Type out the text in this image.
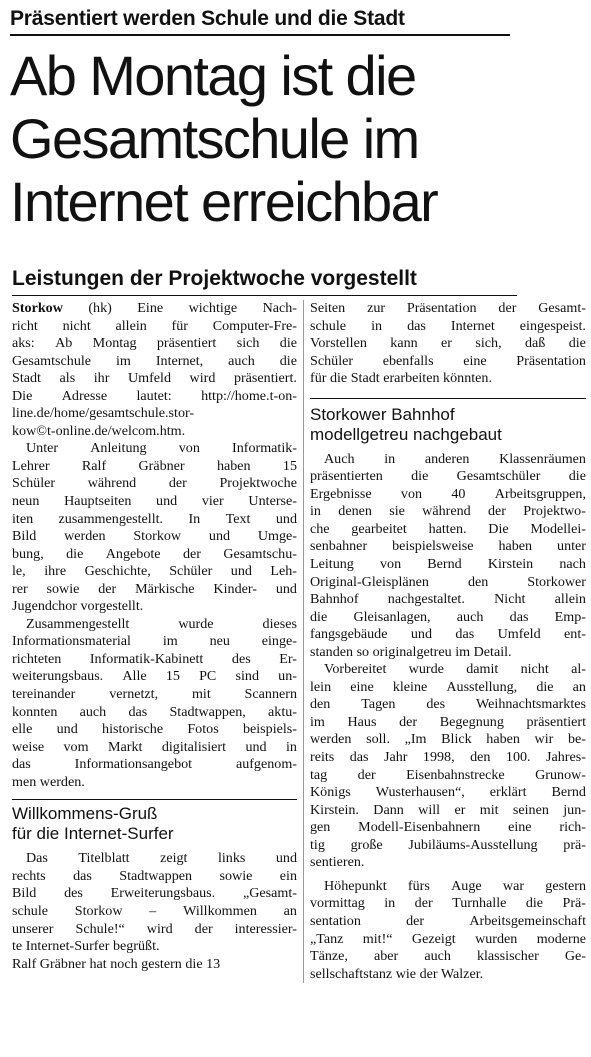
Präsentiert werden Schule und die Stadt
Ab Montag ist die
Gesamtschule im
Internet erreichbar
Leistungen der Projektwoche vorgestellt
Storkow (hk) Eine wichtige Nach-
richt nicht allein für Computer-Fre-
aks: Ab Montag präsentiert sich die
Gesamtschule im Internet, auch die
Stadt als ihr Umfeld wird präsentiert.
Die Adresse lautet: http://home.t-on-
line.de/home/gesamtschule.stor-
kow©t-online.de/welcom.htm.
Unter Anleitung von Informatik-
Lehrer Ralf Gräbner haben 15
Schüler während der Projektwoche
neun Hauptseiten und vier Unterse-
iten zusammengestellt. In Text und
Bild werden Storkow und Umge-
bung, die Angebote der Gesamtschu-
le, ihre Geschichte, Schüler und Leh-
rer sowie der Märkische Kinder- und
Jugendchor vorgestellt.
Zusammengestellt	wurde	dieses
Informationsmaterial im neu einge-
richteten Informatik-Kabinett des Er-
weiterungsbaus. Alle 15 PC sind un-
tereinander vernetzt, mit Scannern
konnten auch das Stadtwappen, aktu-
elle und historische Fotos beispiels-
weise vom Markt digitalisiert und in
das	Informationsangebot	aufgenom-
men werden.
Willkommens-Gruß
für die Internet-Surfer
Das Titelblatt zeigt links und
rechts das Stadtwappen sowie ein
Bild des Erweiterungsbaus. „Gesamt-
schule Storkow – Willkommen an
unserer Schule!“ wird der interessier-
te Internet-Surfer begrüßt.
Ralf Gräbner hat noch gestern die 13
Seiten zur Präsentation der Gesamt-
schule in das Internet eingespeist.
Vorstellen kann er sich, daß die
Schüler ebenfalls eine Präsentation
für die Stadt erarbeiten könnten.
Storkower Bahnhof
modellgetreu nachgebaut
Auch in anderen Klassenräumen
präsentierten die Gesamtschüler die
Ergebnisse von 40 Arbeitsgruppen,
in denen sie während der Projektwo-
che gearbeitet hatten. Die Modellei-
senbahner beispielsweise haben unter
Leitung von Bernd Kirstein nach
Original-Gleisplänen	den	Storkower
Bahnhof nachgestaltet. Nicht allein
die Gleisanlagen, auch das Emp-
fangsgebäude und das Umfeld ent-
standen so originalgetreu im Detail.
Vorbereitet wurde damit nicht al-
lein eine kleine Ausstellung, die an
den Tagen des Weihnachtsmarktes
im Haus der Begegnung präsentiert
werden soll. „Im Blick haben wir be-
reits das Jahr 1998, den 100. Jahres-
tag der Eisenbahnstrecke Grunow-
Königs Wusterhausen“, erklärt Bernd
Kirstein. Dann will er mit seinen jun-
gen Modell-Eisenbahnern eine rich-
tig große Jubiläums-Ausstellung prä-
sentieren.
Höhepunkt fürs Auge war gestern
vormittag in der Turnhalle die Prä-
sentation	der	Arbeitsgemeinschaft
„Tanz mit!“ Gezeigt wurden moderne
Tänze, aber auch klassischer Ge-
sellschaftstanz wie der Walzer.
